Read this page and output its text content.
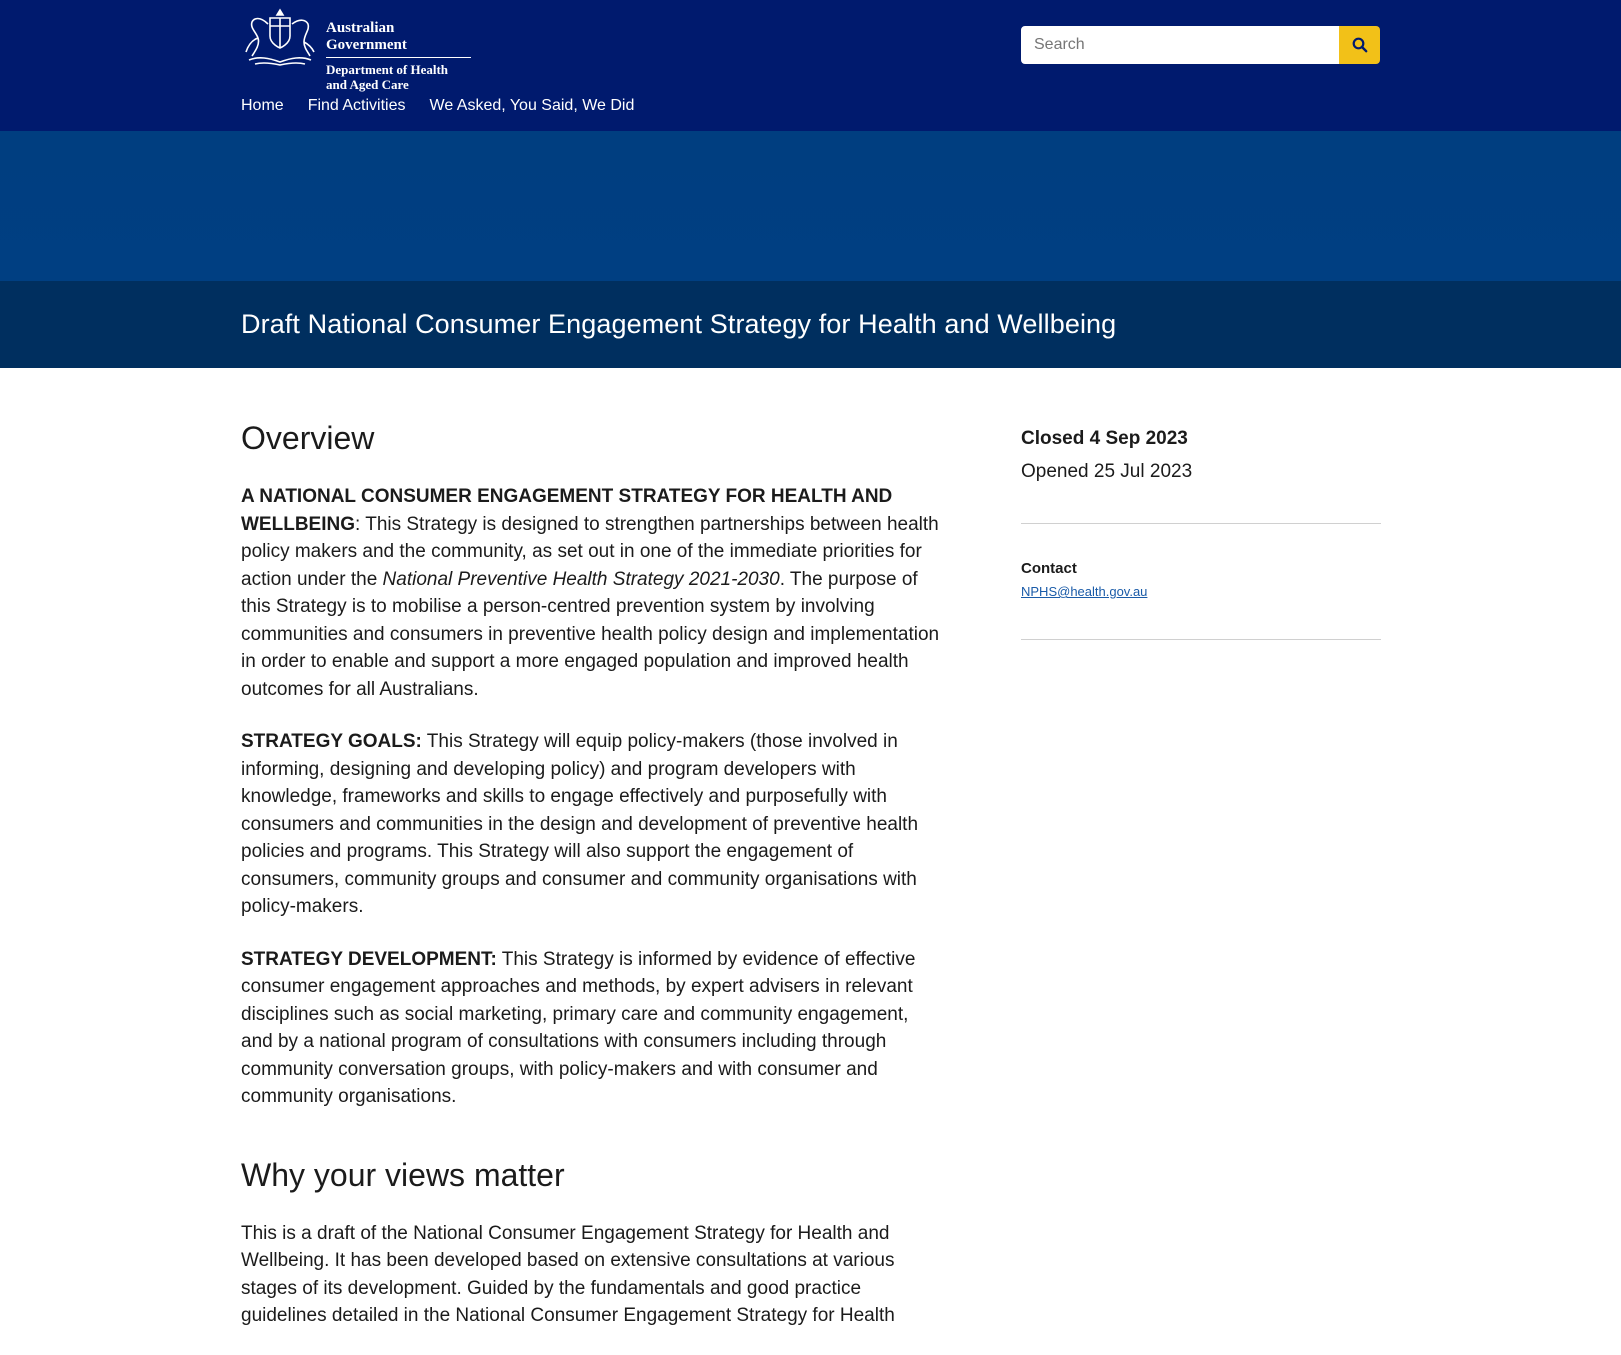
Australian Government
Department of Health
and Aged Care
Search
Home Find Activities We Asked, You Said, We Did
Draft National Consumer Engagement Strategy for Health and Wellbeing
Overview

A NATIONAL CONSUMER ENGAGEMENT STRATEGY FOR HEALTH AND WELLBEING: This Strategy is designed to strengthen partnerships between health policy makers and the community, as set out in one of the immediate priorities for action under the National Preventive Health Strategy 2021-2030. The purpose of this Strategy is to mobilise a person-centred prevention system by involving communities and consumers in preventive health policy design and implementation in order to enable and support a more engaged population and improved health outcomes for all Australians.

STRATEGY GOALS: This Strategy will equip policy-makers (those involved in informing, designing and developing policy) and program developers with knowledge, frameworks and skills to engage effectively and purposefully with consumers and communities in the design and development of preventive health policies and programs. This Strategy will also support the engagement of consumers, community groups and consumer and community organisations with policy-makers.

STRATEGY DEVELOPMENT: This Strategy is informed by evidence of effective consumer engagement approaches and methods, by expert advisers in relevant disciplines such as social marketing, primary care and community engagement, and by a national program of consultations with consumers including through community conversation groups, with policy-makers and with consumer and community organisations.

Why your views matter

This is a draft of the National Consumer Engagement Strategy for Health and Wellbeing. It has been developed based on extensive consultations at various stages of its development. Guided by the fundamentals and good practice guidelines detailed in the National Consumer Engagement Strategy for Health

Closed 4 Sep 2023

Opened 25 Jul 2023

Contact
NPHS@health.gov.au
